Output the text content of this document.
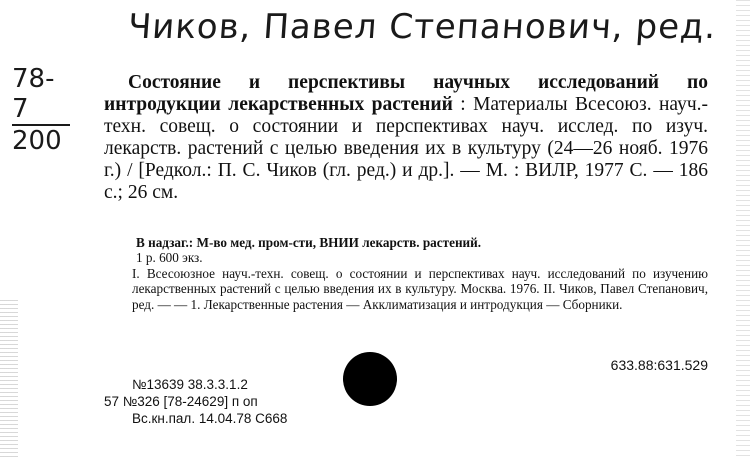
Чиков, Павел Степанович, ред.
78-7
200
Состояние и перспективы научных исследований по интродукции лекарственных растений : Материалы Всесоюз. науч.-техн. совещ. о состоянии и перспективах науч. исслед. по изуч. лекарств. растений с целью введения их в культуру (24—26 нояб. 1976 г.) / [Редкол.: П. С. Чиков (гл. ред.) и др.]. — М. : ВИЛР, 1977 С. — 186 с.; 26 см.

В надзаг.: М-во мед. пром-сти, ВНИИ лекарств. растений.

1 р. 600 экз.

I. Всесоюзное науч.-техн. совещ. о состоянии и перспективах науч. исследований по изучению лекарственных растений с целью введения их в культуру. Москва. 1976. II. Чиков, Павел Степанович, ред. — — 1. Лекарственные растения — Акклиматизация и интродукция — Сборники.

633.88:631.529
№13639 38.3.3.1.2
57 №326 [78-24629] п оп
Вс.кн.пал. 14.04.78 С668
